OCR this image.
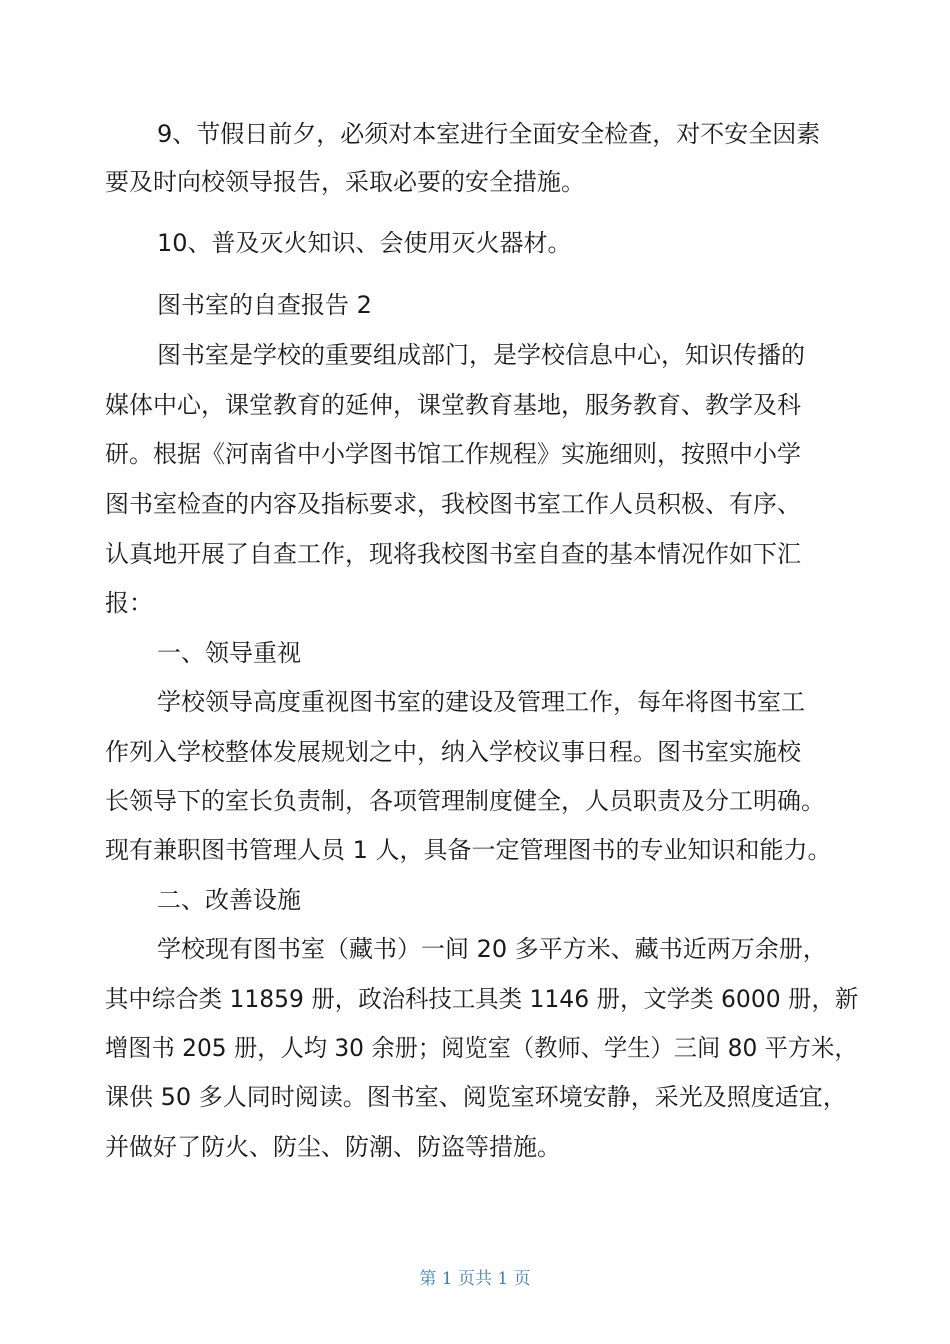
9、节假日前夕，必须对本室进行全面安全检查，对不安全因素
要及时向校领导报告，采取必要的安全措施。
10、普及灭火知识、会使用灭火器材。
图书室的自查报告 2
图书室是学校的重要组成部门，是学校信息中心，知识传播的
媒体中心，课堂教育的延伸，课堂教育基地，服务教育、教学及科
研。根据《河南省中小学图书馆工作规程》实施细则，按照中小学
图书室检查的内容及指标要求，我校图书室工作人员积极、有序、
认真地开展了自查工作，现将我校图书室自查的基本情况作如下汇
报：
一、领导重视
学校领导高度重视图书室的建设及管理工作，每年将图书室工
作列入学校整体发展规划之中，纳入学校议事日程。图书室实施校
长领导下的室长负责制，各项管理制度健全，人员职责及分工明确。
现有兼职图书管理人员 1 人，具备一定管理图书的专业知识和能力。
二、改善设施
学校现有图书室（藏书）一间 20 多平方米、藏书近两万余册，
其中综合类 11859 册，政治科技工具类 1146 册，文学类 6000 册，新
增图书 205 册，人均 30 余册；阅览室（教师、学生）三间 80 平方米，
课供 50 多人同时阅读。图书室、阅览室环境安静，采光及照度适宜，
并做好了防火、防尘、防潮、防盗等措施。
第 1 页共 1 页
